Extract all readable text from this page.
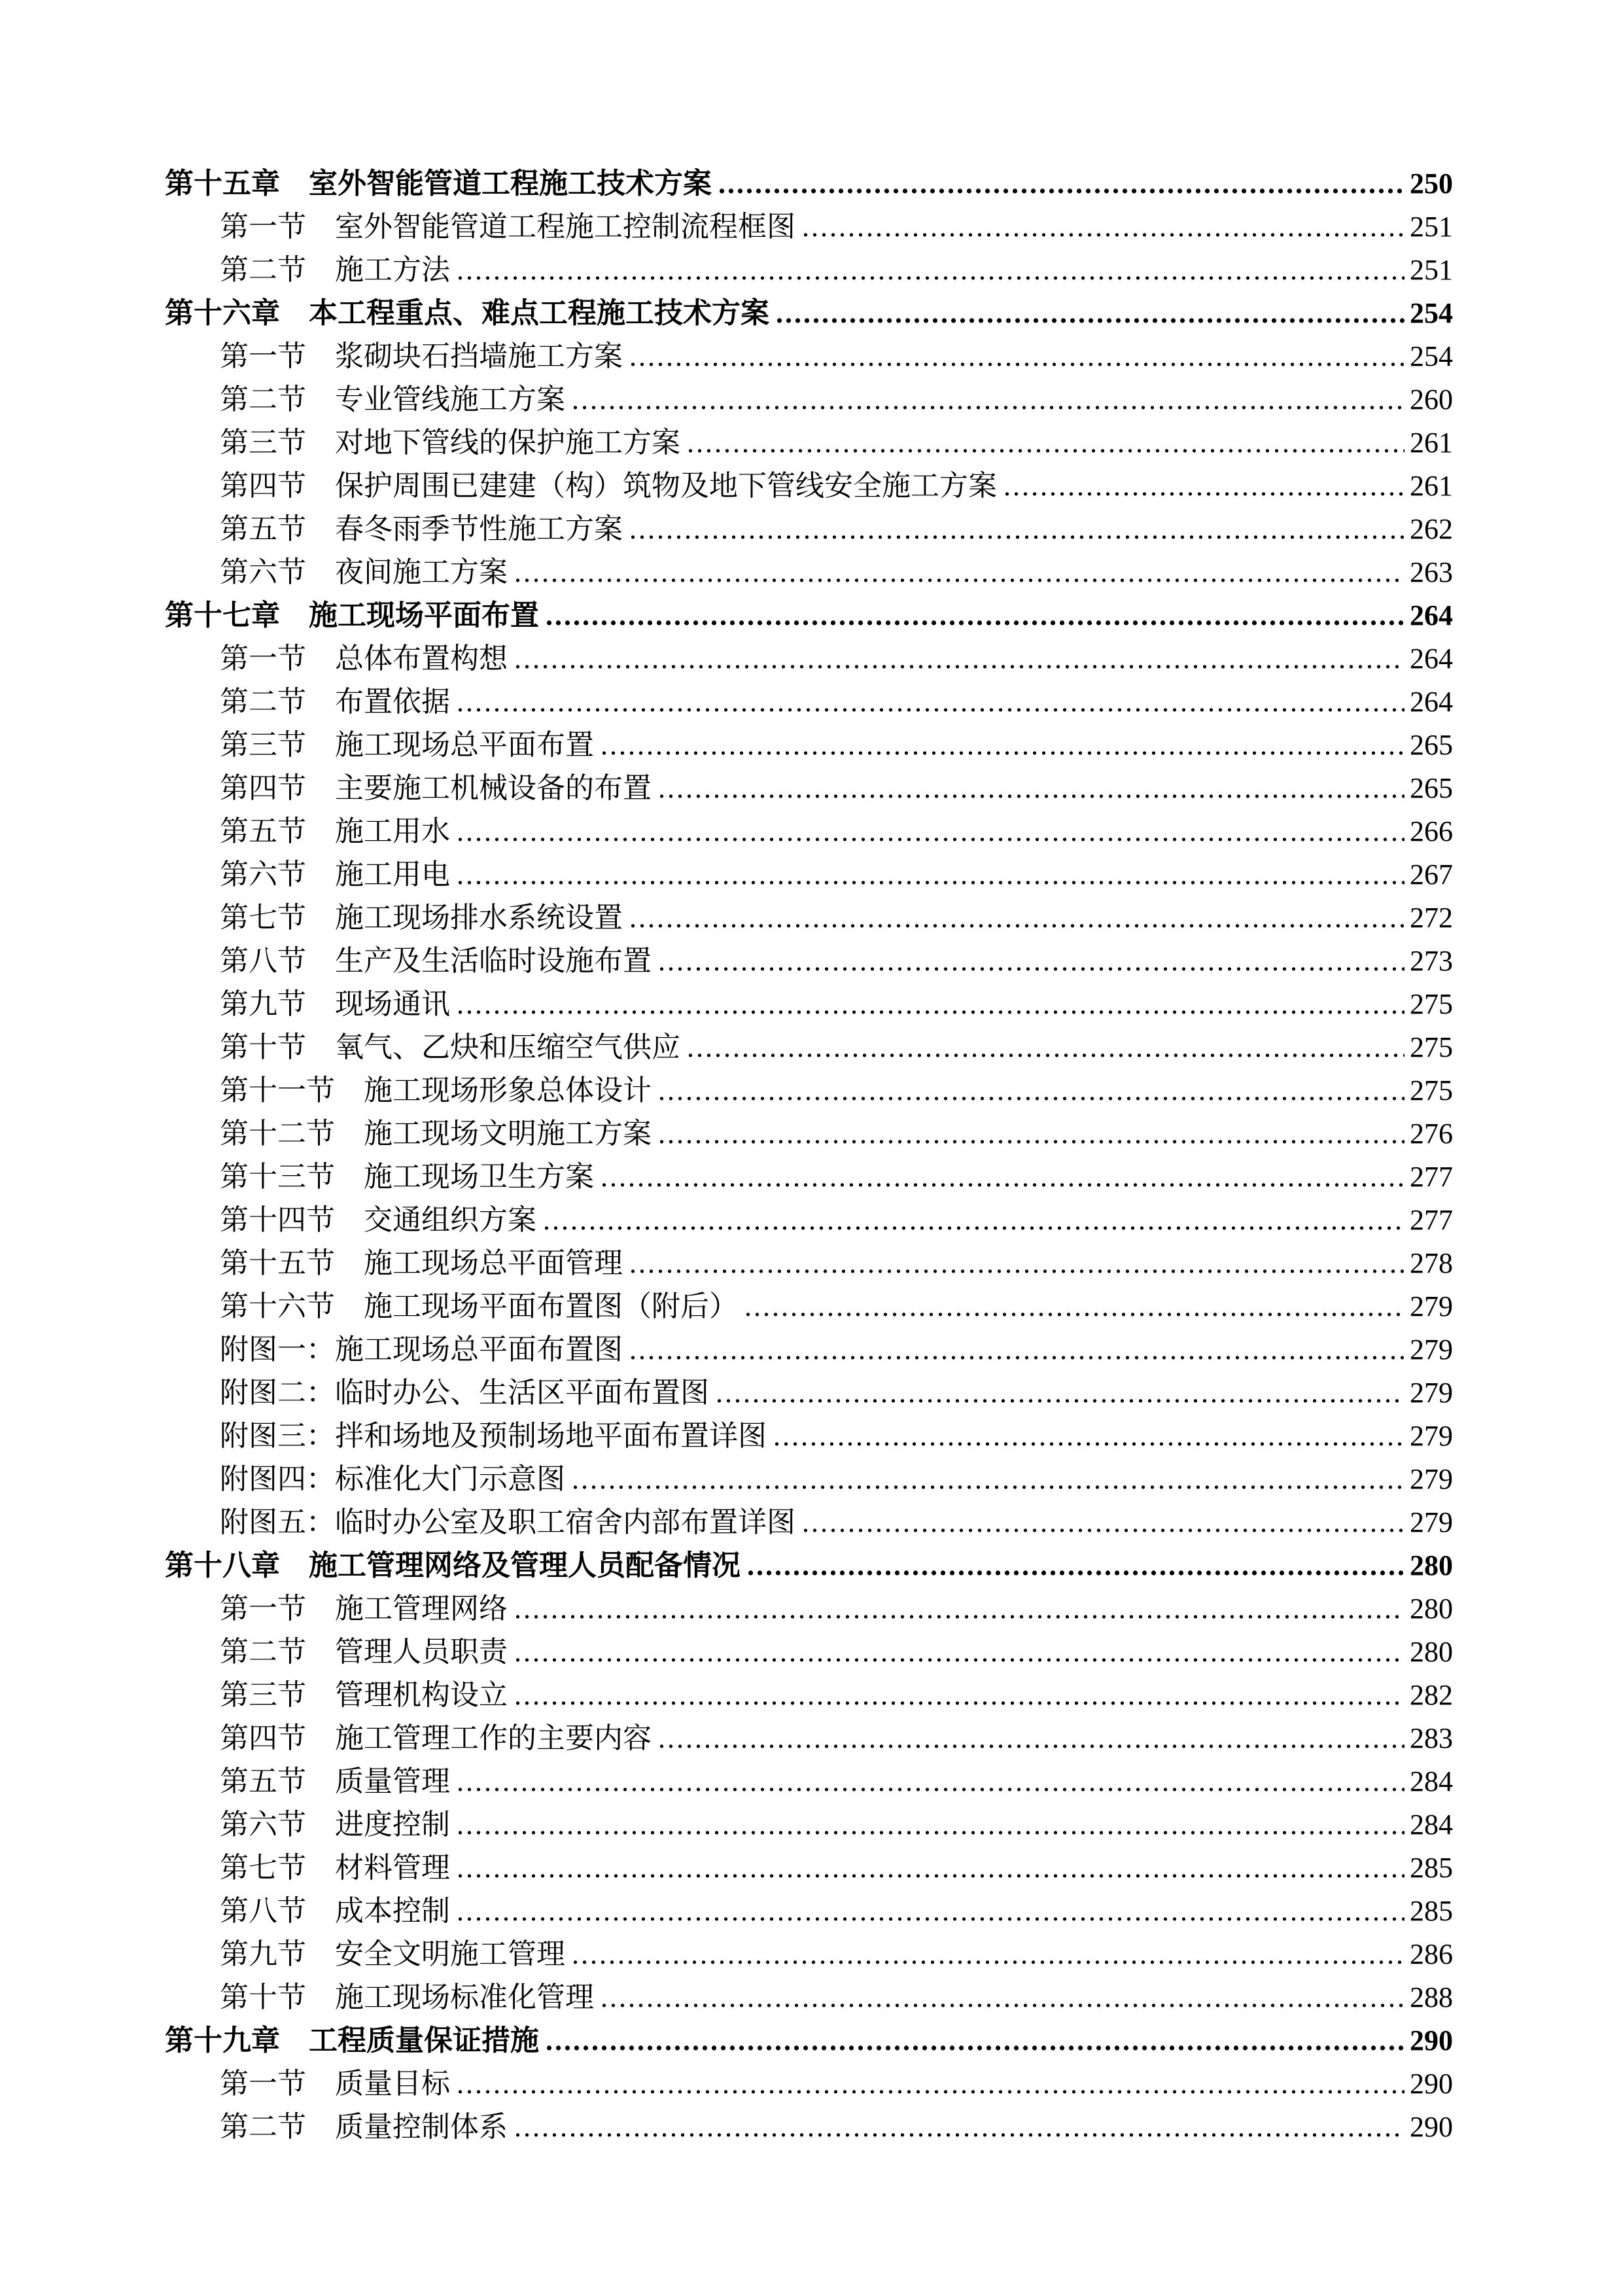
第十五章　室外智能管道工程施工技术方案 .....	250
第一节　室外智能管道工程施工控制流程框图 .....	251
第二节　施工方法 .....	251
第十六章　本工程重点、难点工程施工技术方案 .....	254
第一节　浆砌块石挡墙施工方案 .....	254
第二节　专业管线施工方案 .....	260
第三节　对地下管线的保护施工方案 .....	261
第四节　保护周围已建建（构）筑物及地下管线安全施工方案 .....	261
第五节　春冬雨季节性施工方案 .....	262
第六节　夜间施工方案 .....	263
第十七章　施工现场平面布置 .....	264
第一节　总体布置构想 .....	264
第二节　布置依据 .....	264
第三节　施工现场总平面布置 .....	265
第四节　主要施工机械设备的布置 .....	265
第五节　施工用水 .....	266
第六节　施工用电 .....	267
第七节　施工现场排水系统设置 .....	272
第八节　生产及生活临时设施布置 .....	273
第九节　现场通讯 .....	275
第十节　氧气、乙炔和压缩空气供应 .....	275
第十一节　施工现场形象总体设计 .....	275
第十二节　施工现场文明施工方案 .....	276
第十三节　施工现场卫生方案 .....	277
第十四节　交通组织方案 .....	277
第十五节　施工现场总平面管理 .....	278
第十六节　施工现场平面布置图（附后） .....	279
附图一：施工现场总平面布置图 .....	279
附图二：临时办公、生活区平面布置图 .....	279
附图三：拌和场地及预制场地平面布置详图 .....	279
附图四：标准化大门示意图 .....	279
附图五：临时办公室及职工宿舍内部布置详图 .....	279
第十八章　施工管理网络及管理人员配备情况 .....	280
第一节　施工管理网络 .....	280
第二节　管理人员职责 .....	280
第三节　管理机构设立 .....	282
第四节　施工管理工作的主要内容 .....	283
第五节　质量管理 .....	284
第六节　进度控制 .....	284
第七节　材料管理 .....	285
第八节　成本控制 .....	285
第九节　安全文明施工管理 .....	286
第十节　施工现场标准化管理 .....	288
第十九章　工程质量保证措施 .....	290
第一节　质量目标 .....	290
第二节　质量控制体系 .....	290
